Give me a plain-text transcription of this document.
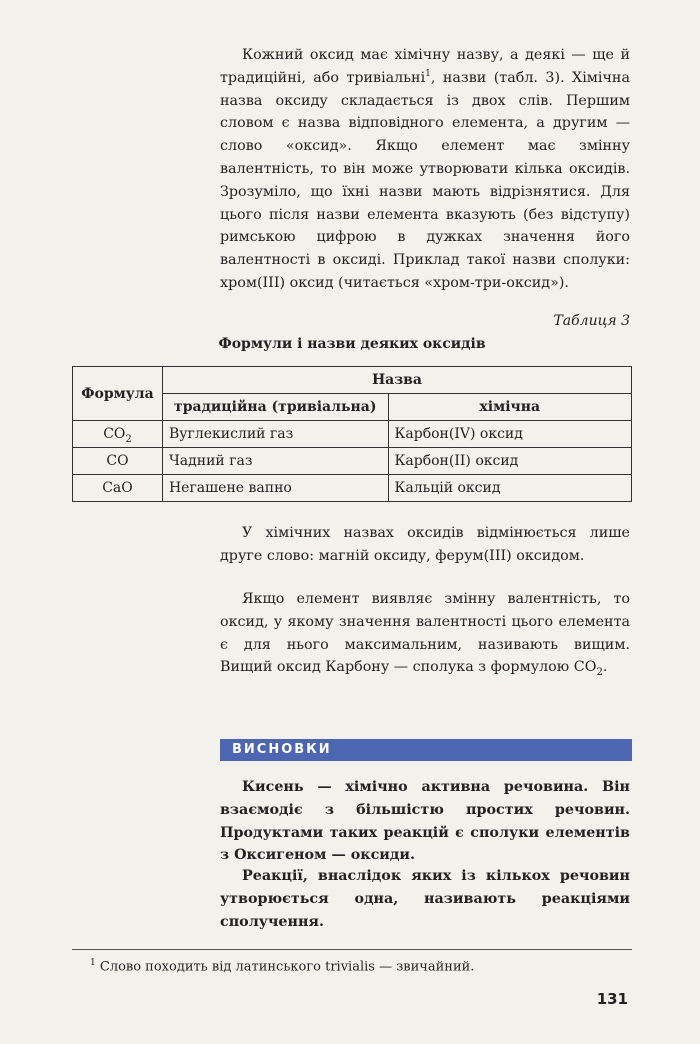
Кожний оксид має хімічну назву, а деякі — ще й традиційні, або тривіальні$^1$, назви (табл. 3). Хімічна назва оксиду складається із двох слів. Першим словом є назва відповідного елемента, а другим — слово «оксид». Якщо елемент має змінну валентність, то він може утворювати кілька оксидів. Зрозуміло, що їхні назви мають відрізнятися. Для цього після назви елемента вказують (без відступу) римською цифрою в дужках значення його валентності в оксиді. Приклад такої назви сполуки: хром(III) оксид (читається «хром-три-оксид»).

Таблиця 3
Формули і назви деяких оксидів
Формула	Назва	
	традиційна (тривіальна)	хімічна
$CO_2$	Вуглекислий газ	Карбон(IV) оксид
CO	Чадний газ	Карбон(II) оксид
CaO	Негашене вапно	Кальцій оксид

У хімічних назвах оксидів відмінюється лише друге слово: магній оксиду, ферум(III) оксидом.

Якщо елемент виявляє змінну валентність, то оксид, у якому значення валентності цього елемента є для нього максимальним, називають вищим. Вищий оксид Карбону — сполука з формулою $CO_2$.

ВИСНОВКИ

Кисень — хімічно активна речовина. Він взаємодіє з більшістю простих речовин. Продуктами таких реакцій є сполуки елементів з Оксигеном — оксиди.

Реакції, внаслідок яких із кількох речовин утворюється одна, називають реакціями сполучення.

$^1$ Слово походить від латинського trivialis — звичайний.
131
